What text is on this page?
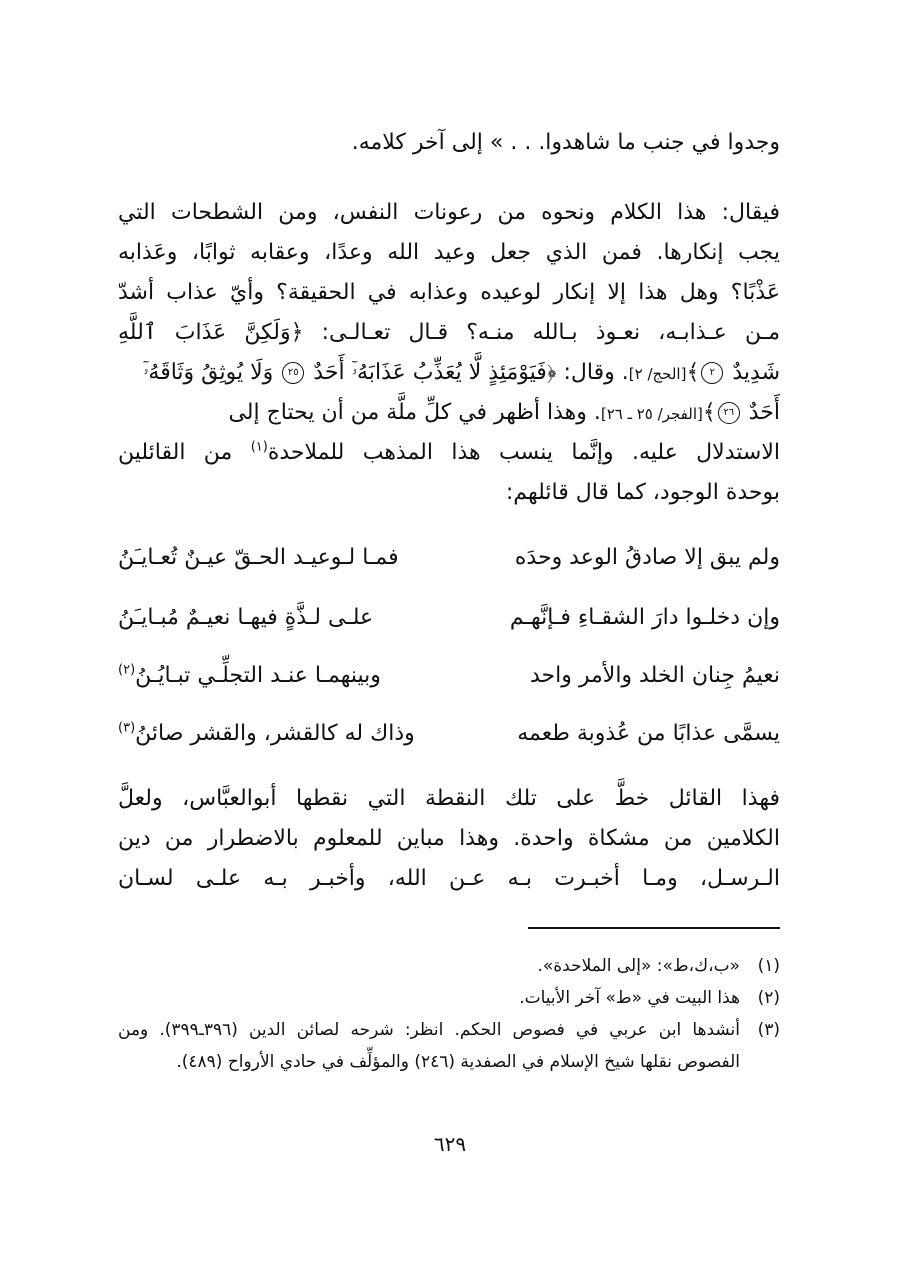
وجدوا في جنب ما شاهدوا. . . » إلى آخر كلامه.
فيقال: هذا الكلام ونحوه من رعونات النفس، ومن الشطحات التي
يجب إنكارها. فمن الذي جعل وعيد الله وعدًا، وعقابه ثوابًا، وعَذابه
عَذْبًا؟ وهل هذا إلا إنكار لوعيده وعذابه في الحقيقة؟ وأيّ عذاب أشدّ
مـن عـذابـه، نعـوذ بـالله منـه؟ قـال تعـالـى: ﴿وَلَكِنَّ عَذَابَ ٱللَّهِ
شَدِيدٌ ٢﴾[الحج/ ٢]. وقال: ﴿فَيَوْمَئِذٍ لَّا يُعَذِّبُ عَذَابَهُۥٓ أَحَدٌ ٢٥ وَلَا يُوثِقُ وَثَاقَهُۥٓ
أَحَدٌ ٢٦﴾[الفجر/ ٢٥ ـ ٢٦]. وهذا أظهر في كلِّ ملَّة من أن يحتاج إلى
الاستدلال عليه. وإنَّما ينسب هذا المذهب للملاحدة$^{(١)}$ من القائلين
بوحدة الوجود، كما قال قائلهم:
ولم يبق إلا صادقُ الوعد وحدَه
فمـا لـوعيـد الحـقّ عيـنٌ تُعـايـَنُ
وإن دخلـوا دارَ الشقـاءِ فـإنَّهـم
علـى لـذَّةٍ فيهـا نعيـمٌ مُبـايـَنُ
نعيمُ جِنان الخلد والأمر واحد
وبينهمـا عنـد التجلِّـي تبـايُـنُ$^{(٢)}$
يسمَّى عذابًا من عُذوبة طعمه
وذاك له كالقشر، والقشر صائنُ$^{(٣)}$
فهذا القائل خطَّ على تلك النقطة التي نقطها أبوالعبَّاس، ولعلَّ
الكلامين من مشكاة واحدة. وهذا مباين للمعلوم بالاضطرار من دين
الـرسـل، ومـا أخبـرت بـه عـن الله، وأخبـر بـه علـى لسـان
(١)
«ب،ك،ط»: «إلى الملاحدة».
(٢)
هذا البيت في «ط» آخر الأبيات.
(٣)
أنشدها ابن عربي في فصوص الحكم. انظر: شرحه لصائن الدين (٣٩٦ـ٣٩٩). ومن الفصوص نقلها شيخ الإسلام في الصفدية (٢٤٦) والمؤلِّف في حادي الأرواح (٤٨٩).
٦٢٩
